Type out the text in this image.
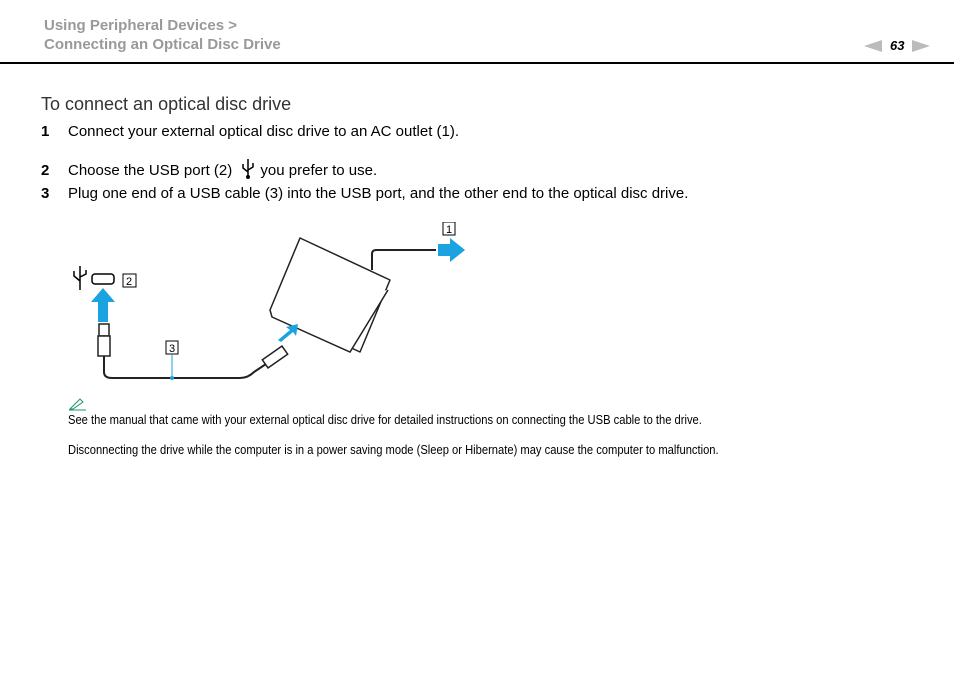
Using Peripheral Devices >
Connecting an Optical Disc Drive	63
To connect an optical disc drive
1 Connect your external optical disc drive to an AC outlet (1).
2 Choose the USB port (2) you prefer to use.
3 Plug one end of a USB cable (3) into the USB port, and the other end to the optical disc drive.
1
2
3
See the manual that came with your external optical disc drive for detailed instructions on connecting the USB cable to the drive.
Disconnecting the drive while the computer is in a power saving mode (Sleep or Hibernate) may cause the computer to malfunction.
